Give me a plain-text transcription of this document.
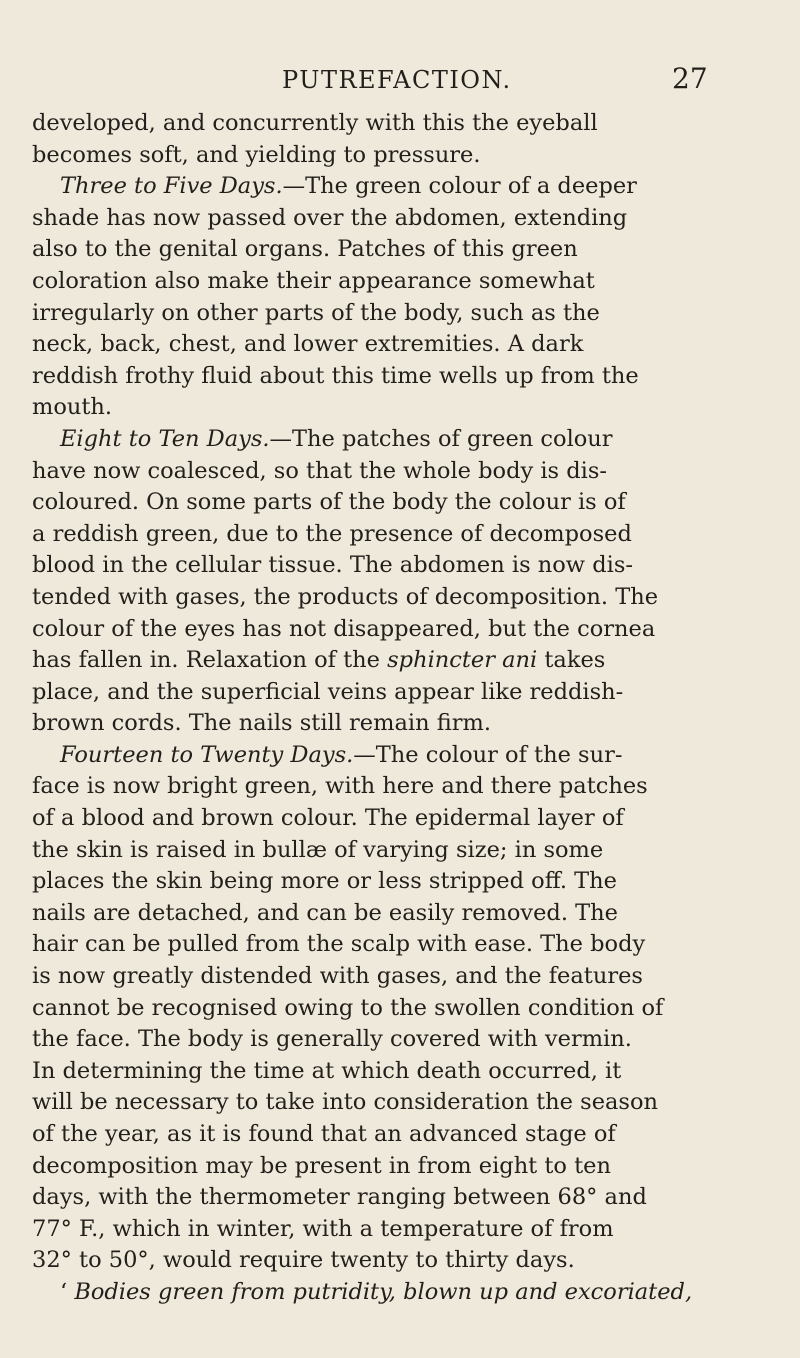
PUTREFACTION.	27
developed, and concurrently with this the eyeball
becomes soft, and yielding to pressure.
Three to Five Days.—The green colour of a deeper
shade has now passed over the abdomen, extending
also to the genital organs. Patches of this green
coloration also make their appearance somewhat
irregularly on other parts of the body, such as the
neck, back, chest, and lower extremities. A dark
reddish frothy fluid about this time wells up from the
mouth.
Eight to Ten Days.—The patches of green colour
have now coalesced, so that the whole body is dis-
coloured. On some parts of the body the colour is of
a reddish green, due to the presence of decomposed
blood in the cellular tissue. The abdomen is now dis-
tended with gases, the products of decomposition. The
colour of the eyes has not disappeared, but the cornea
has fallen in. Relaxation of the sphincter ani takes
place, and the superficial veins appear like reddish-
brown cords. The nails still remain firm.
Fourteen to Twenty Days.—The colour of the sur-
face is now bright green, with here and there patches
of a blood and brown colour. The epidermal layer of
the skin is raised in bullæ of varying size; in some
places the skin being more or less stripped off. The
nails are detached, and can be easily removed. The
hair can be pulled from the scalp with ease. The body
is now greatly distended with gases, and the features
cannot be recognised owing to the swollen condition of
the face. The body is generally covered with vermin.
In determining the time at which death occurred, it
will be necessary to take into consideration the season
of the year, as it is found that an advanced stage of
decomposition may be present in from eight to ten
days, with the thermometer ranging between 68° and
77° F., which in winter, with a temperature of from
32° to 50°, would require twenty to thirty days.
‘ Bodies green from putridity, blown up and excoriated,
